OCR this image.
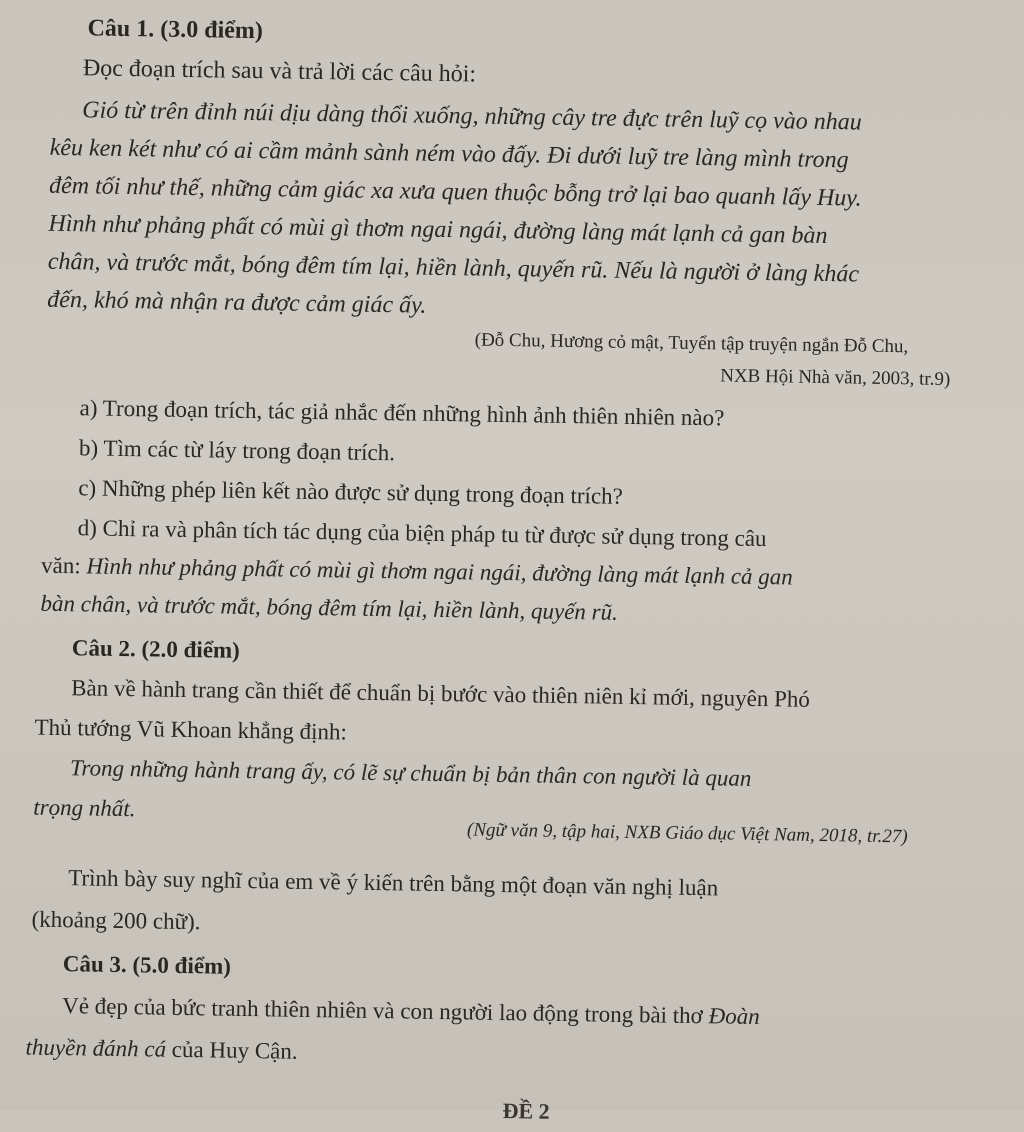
Câu 1. (3.0 điểm)
Đọc đoạn trích sau và trả lời các câu hỏi:
Gió từ trên đỉnh núi dịu dàng thổi xuống, những cây tre đực trên luỹ cọ vào nhau
kêu ken két như có ai cầm mảnh sành ném vào đấy. Đi dưới luỹ tre làng mình trong
đêm tối như thế, những cảm giác xa xưa quen thuộc bỗng trở lại bao quanh lấy Huy.
Hình như phảng phất có mùi gì thơm ngai ngái, đường làng mát lạnh cả gan bàn
chân, và trước mắt, bóng đêm tím lại, hiền lành, quyến rũ. Nếu là người ở làng khác
đến, khó mà nhận ra được cảm giác ấy.
(Đỗ Chu, Hương cỏ mật, Tuyển tập truyện ngắn Đỗ Chu,
NXB Hội Nhà văn, 2003, tr.9)
a) Trong đoạn trích, tác giả nhắc đến những hình ảnh thiên nhiên nào?
b) Tìm các từ láy trong đoạn trích.
c) Những phép liên kết nào được sử dụng trong đoạn trích?
d) Chỉ ra và phân tích tác dụng của biện pháp tu từ được sử dụng trong câu
văn: Hình như phảng phất có mùi gì thơm ngai ngái, đường làng mát lạnh cả gan
bàn chân, và trước mắt, bóng đêm tím lại, hiền lành, quyến rũ.
Câu 2. (2.0 điểm)
Bàn về hành trang cần thiết để chuẩn bị bước vào thiên niên kỉ mới, nguyên Phó
Thủ tướng Vũ Khoan khẳng định:
Trong những hành trang ấy, có lẽ sự chuẩn bị bản thân con người là quan
trọng nhất.
(Ngữ văn 9, tập hai, NXB Giáo dục Việt Nam, 2018, tr.27)
Trình bày suy nghĩ của em về ý kiến trên bằng một đoạn văn nghị luận
(khoảng 200 chữ).
Câu 3. (5.0 điểm)
Vẻ đẹp của bức tranh thiên nhiên và con người lao động trong bài thơ Đoàn
thuyền đánh cá của Huy Cận.
ĐỀ 2
